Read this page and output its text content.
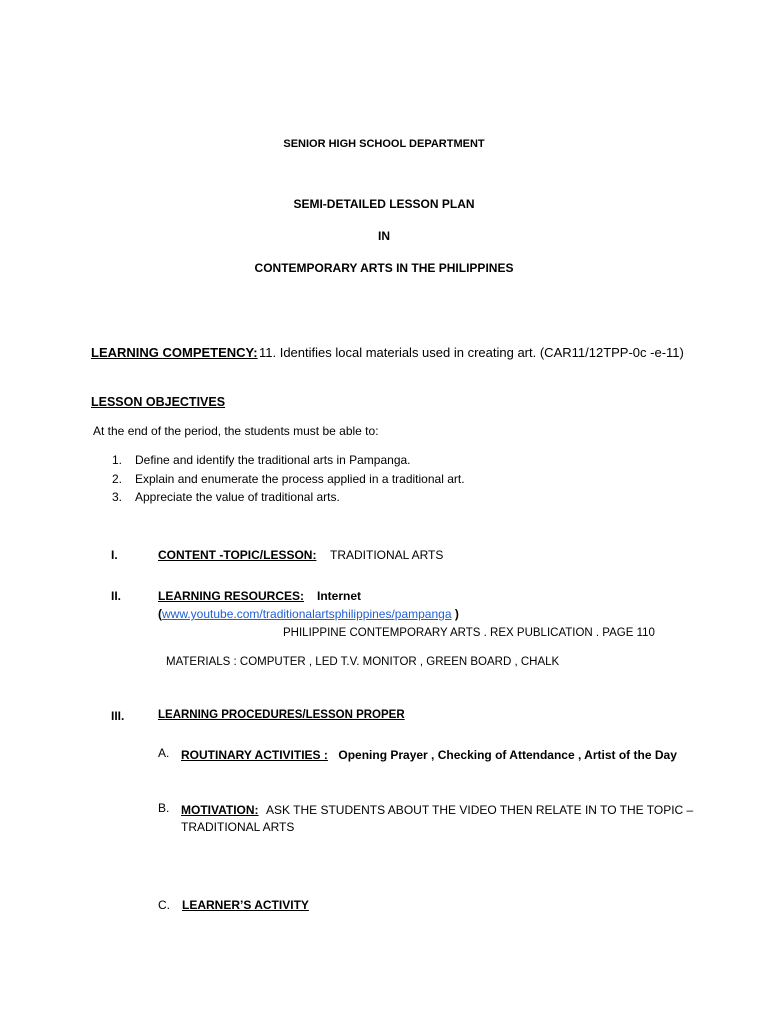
SENIOR HIGH SCHOOL DEPARTMENT
SEMI-DETAILED LESSON PLAN
IN
CONTEMPORARY ARTS IN THE PHILIPPINES
LEARNING COMPETENCY: 11. Identifies local materials used in creating art. (CAR11/12TPP-0c -e-11)
LESSON OBJECTIVES
At the end of the period, the students must be able to:
1. Define and identify the traditional arts in Pampanga.
2. Explain and enumerate the process applied in a traditional art.
3. Appreciate the value of traditional arts.
I.	CONTENT -TOPIC/LESSON: TRADITIONAL ARTS
II.	LEARNING RESOURCES: Internet
(www.youtube.com/traditionalartsphilippines/pampanga )
PHILIPPINE CONTEMPORARY ARTS . REX PUBLICATION . PAGE 110
MATERIALS : COMPUTER , LED T.V. MONITOR , GREEN BOARD , CHALK
III.	LEARNING PROCEDURES/LESSON PROPER
A. ROUTINARY ACTIVITIES : Opening Prayer , Checking of Attendance , Artist of the Day
B. MOTIVATION: ASK THE STUDENTS ABOUT THE VIDEO THEN RELATE IN TO THE TOPIC –
TRADITIONAL ARTS
C. LEARNER’S ACTIVITY
